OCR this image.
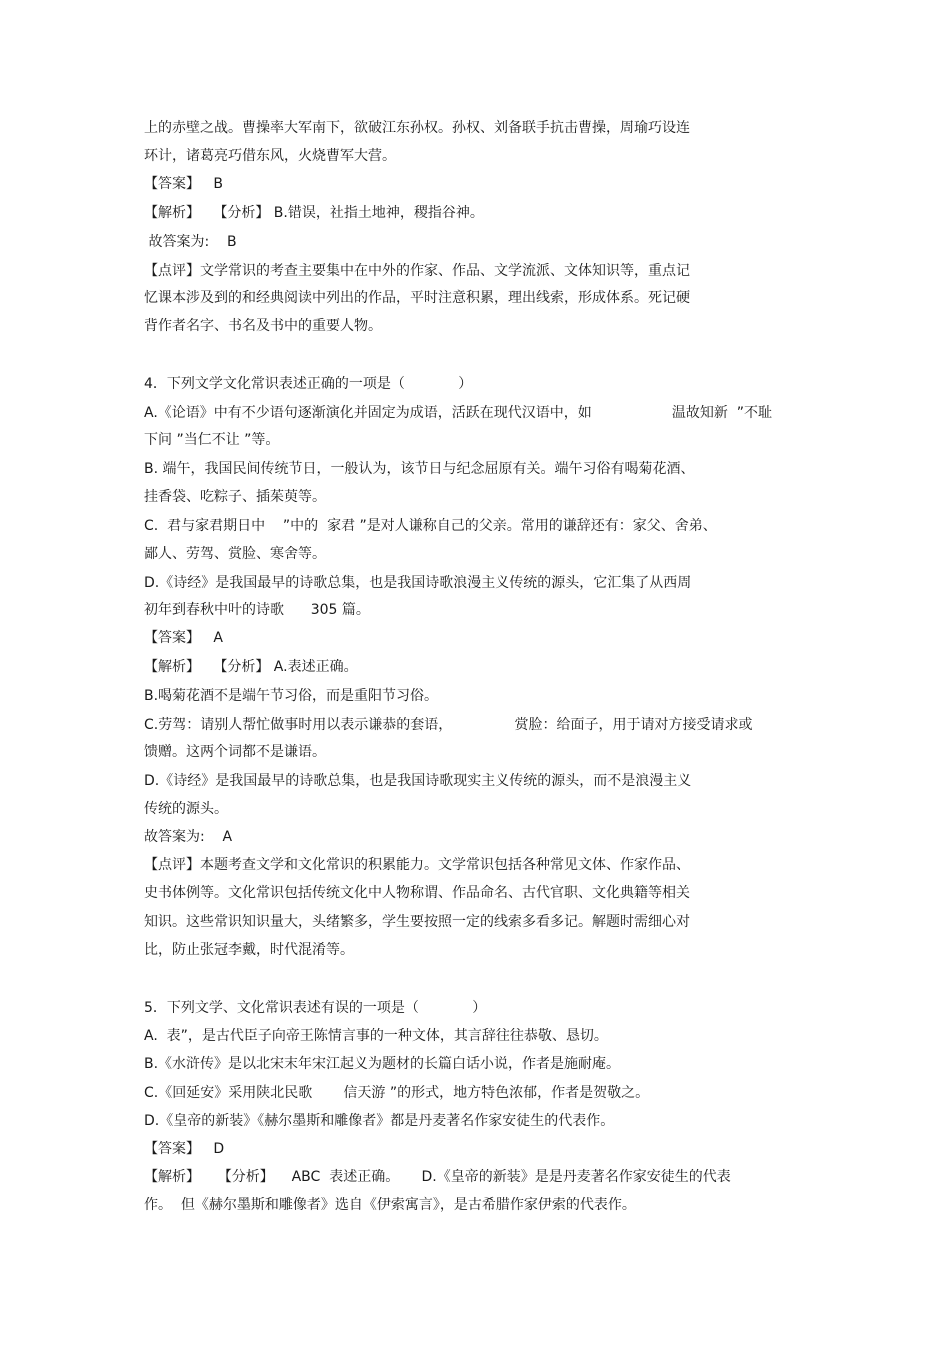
上的赤壁之战。曹操率大军南下，欲破江东孙权。孙权、刘备联手抗击曹操，周瑜巧设连
环计，诸葛亮巧借东风，火烧曹军大营。
【答案】   B
【解析】   【分析】 B.错误，社指土地神，稷指谷神。
故答案为:    B
【点评】文学常识的考查主要集中在中外的作家、作品、文学流派、文体知识等，重点记
忆课本涉及到的和经典阅读中列出的作品，平时注意积累，理出线索，形成体系。死记硬
背作者名字、书名及书中的重要人物。
4．下列文学文化常识表述正确的一项是（            ）
A.《论语》中有不少语句逐渐演化并固定为成语，活跃在现代汉语中，如                  温故知新  ”不耻
下问 ”当仁不让 ”等。
B. 端午，我国民间传统节日，一般认为，该节日与纪念屈原有关。端午习俗有喝菊花酒、
挂香袋、吃粽子、插茱萸等。
C.  君与家君期日中    ”中的  家君 ”是对人谦称自己的父亲。常用的谦辞还有：家父、舍弟、
鄙人、劳驾、赏脸、寒舍等。
D.《诗经》是我国最早的诗歌总集，也是我国诗歌浪漫主义传统的源头，它汇集了从西周
初年到春秋中叶的诗歌      305 篇。
【答案】   A
【解析】   【分析】 A.表述正确。
B.喝菊花酒不是端午节习俗，而是重阳节习俗。
C.劳驾：请别人帮忙做事时用以表示谦恭的套语，              赏脸：给面子，用于请对方接受请求或
馈赠。这两个词都不是谦语。
D.《诗经》是我国最早的诗歌总集，也是我国诗歌现实主义传统的源头，而不是浪漫主义
传统的源头。
故答案为:    A
【点评】本题考查文学和文化常识的积累能力。文学常识包括各种常见文体、作家作品、
史书体例等。文化常识包括传统文化中人物称谓、作品命名、古代官职、文化典籍等相关
知识。这些常识知识量大，头绪繁多，学生要按照一定的线索多看多记。解题时需细心对
比，防止张冠李戴，时代混淆等。
5．下列文学、文化常识表述有误的一项是（            ）
A.  表”，是古代臣子向帝王陈情言事的一种文体，其言辞往往恭敬、恳切。
B.《水浒传》是以北宋末年宋江起义为题材的长篇白话小说，作者是施耐庵。
C.《回延安》采用陕北民歌       信天游 ”的形式，地方特色浓郁，作者是贺敬之。
D.《皇帝的新装》《赫尔墨斯和雕像者》都是丹麦著名作家安徒生的代表作。
【答案】   D
【解析】    【分析】    ABC  表述正确。     D.《皇帝的新装》是是丹麦著名作家安徒生的代表
作。  但《赫尔墨斯和雕像者》选自《伊索寓言》，是古希腊作家伊索的代表作。
